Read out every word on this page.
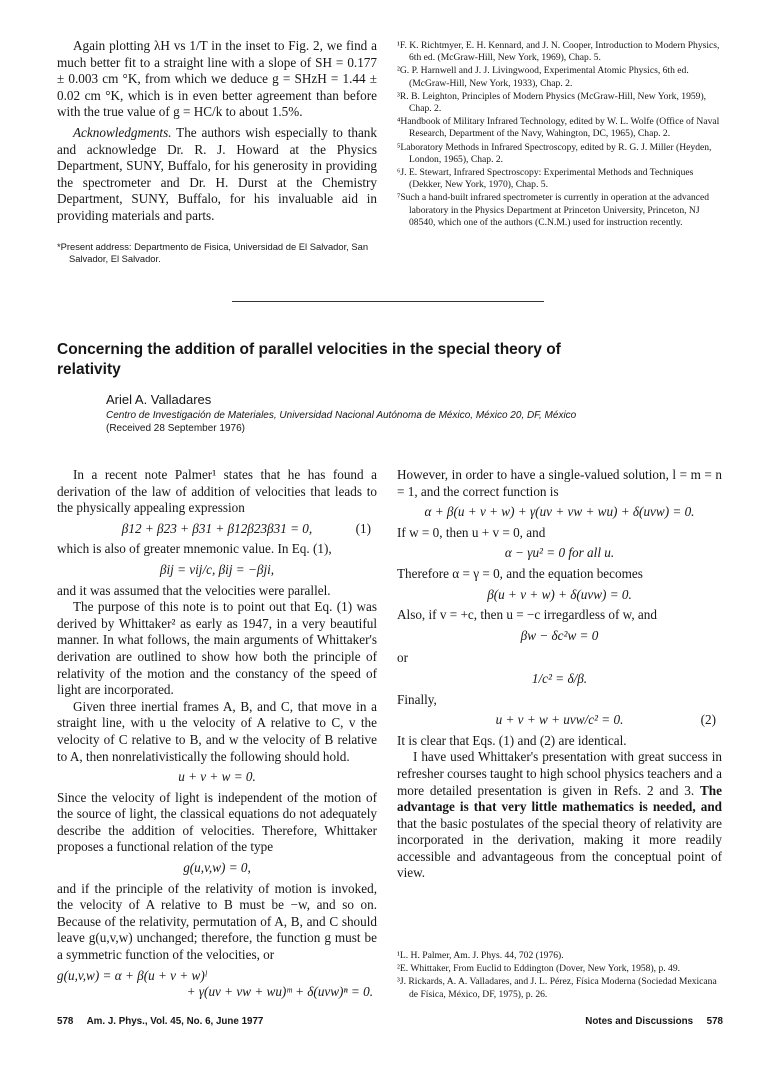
Again plotting λH vs 1/T in the inset to Fig. 2, we find a much better fit to a straight line with a slope of SH = 0.177 ± 0.003 cm °K, from which we deduce g = SHzH = 1.44 ± 0.02 cm °K, which is in even better agreement than before with the true value of g = HC/k to about 1.5%.

Acknowledgments. The authors wish especially to thank and acknowledge Dr. R. J. Howard at the Physics Department, SUNY, Buffalo, for his generosity in providing the spectrometer and Dr. H. Durst at the Chemistry Department, SUNY, Buffalo, for his invaluable aid in providing materials and parts.

*Present address: Departmento de Fisica, Universidad de El Salvador, San Salvador, El Salvador.

¹F. K. Richtmyer, E. H. Kennard, and J. N. Cooper, Introduction to Modern Physics, 6th ed. (McGraw-Hill, New York, 1969), Chap. 5.

²G. P. Harnwell and J. J. Livingwood, Experimental Atomic Physics, 6th ed. (McGraw-Hill, New York, 1933), Chap. 2.

³R. B. Leighton, Principles of Modern Physics (McGraw-Hill, New York, 1959), Chap. 2.

⁴Handbook of Military Infrared Technology, edited by W. L. Wolfe (Office of Naval Research, Department of the Navy, Wahington, DC, 1965), Chap. 2.

⁵Laboratory Methods in Infrared Spectroscopy, edited by R. G. J. Miller (Heyden, London, 1965), Chap. 2.

⁶J. E. Stewart, Infrared Spectroscopy: Experimental Methods and Techniques (Dekker, New York, 1970), Chap. 5.

⁷Such a hand-built infrared spectrometer is currently in operation at the advanced laboratory in the Physics Department at Princeton University, Princeton, NJ 08540, which one of the authors (C.N.M.) used for instruction recently.

Concerning the addition of parallel velocities in the special theory of relativity
Ariel A. Valladares
Centro de Investigación de Materiales, Universidad Nacional Autónoma de México, México 20, DF, México
(Received 28 September 1976)

In a recent note Palmer¹ states that he has found a derivation of the law of addition of velocities that leads to the physically appealing expression

β12 + β23 + β31 + β12β23β31 = 0,	(1)

which is also of greater mnemonic value. In Eq. (1),

βij = vij/c, βij = −βji,

and it was assumed that the velocities were parallel.

The purpose of this note is to point out that Eq. (1) was derived by Whittaker² as early as 1947, in a very beautiful manner. In what follows, the main arguments of Whittaker's derivation are outlined to show how both the principle of relativity of the motion and the constancy of the speed of light are incorporated.

Given three inertial frames A, B, and C, that move in a straight line, with u the velocity of A relative to C, v the velocity of C relative to B, and w the velocity of B relative to A, then nonrelativistically the following should hold.

u + v + w = 0.

Since the velocity of light is independent of the motion of the source of light, the classical equations do not adequately describe the addition of velocities. Therefore, Whittaker proposes a functional relation of the type

g(u,v,w) = 0,

and if the principle of the relativity of motion is invoked, the velocity of A relative to B must be −w, and so on. Because of the relativity, permutation of A, B, and C should leave g(u,v,w) unchanged; therefore, the function g must be a symmetric function of the velocities, or

g(u,v,w) = α + β(u + v + w)ˡ
+ γ(uv + vw + wu)ᵐ + δ(uvw)ⁿ = 0.

However, in order to have a single-valued solution, l = m = n = 1, and the correct function is

α + β(u + v + w) + γ(uv + vw + wu) + δ(uvw) = 0.

If w = 0, then u + v = 0, and

α − γu² = 0 for all u.

Therefore α = γ = 0, and the equation becomes

β(u + v + w) + δ(uvw) = 0.

Also, if v = +c, then u = −c irregardless of w, and

βw − δc²w = 0

or

1/c² = δ/β.

Finally,

u + v + w + uvw/c² = 0.	(2)

It is clear that Eqs. (1) and (2) are identical.

I have used Whittaker's presentation with great success in refresher courses taught to high school physics teachers and a more detailed presentation is given in Refs. 2 and 3. The advantage is that very little mathematics is needed, and that the basic postulates of the special theory of relativity are incorporated in the derivation, making it more readily accessible and advantageous from the conceptual point of view.

¹L. H. Palmer, Am. J. Phys. 44, 702 (1976).

²E. Whittaker, From Euclid to Eddington (Dover, New York, 1958), p. 49.

³J. Rickards, A. A. Valladares, and J. L. Pérez, Física Moderna (Sociedad Mexicana de Física, México, DF, 1975), p. 26.

578     Am. J. Phys., Vol. 45, No. 6, June 1977	Notes and Discussions     578
